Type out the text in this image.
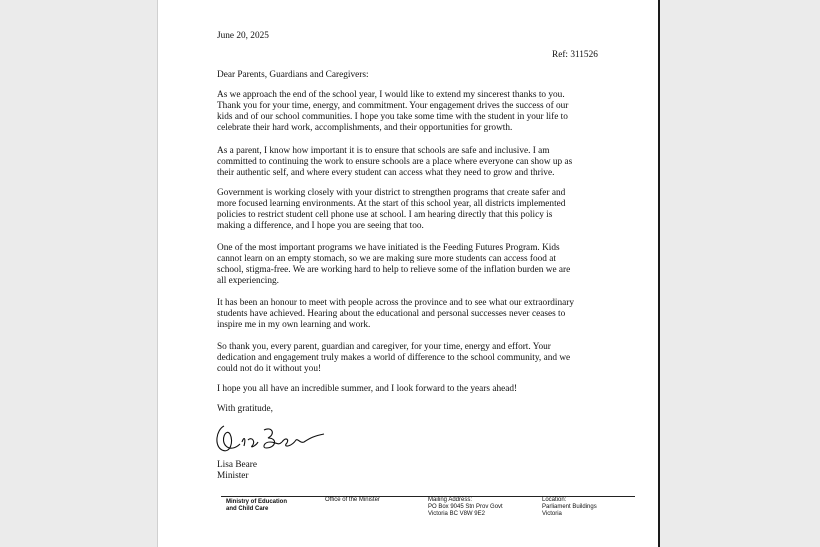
June 20, 2025
Ref: 311526
Dear Parents, Guardians and Caregivers:
As we approach the end of the school year, I would like to extend my sincerest thanks to you.
Thank you for your time, energy, and commitment. Your engagement drives the success of our
kids and of our school communities. I hope you take some time with the student in your life to
celebrate their hard work, accomplishments, and their opportunities for growth.
As a parent, I know how important it is to ensure that schools are safe and inclusive. I am
committed to continuing the work to ensure schools are a place where everyone can show up as
their authentic self, and where every student can access what they need to grow and thrive.
Government is working closely with your district to strengthen programs that create safer and
more focused learning environments. At the start of this school year, all districts implemented
policies to restrict student cell phone use at school. I am hearing directly that this policy is
making a difference, and I hope you are seeing that too.
One of the most important programs we have initiated is the Feeding Futures Program. Kids
cannot learn on an empty stomach, so we are making sure more students can access food at
school, stigma-free. We are working hard to help to relieve some of the inflation burden we are
all experiencing.
It has been an honour to meet with people across the province and to see what our extraordinary
students have achieved. Hearing about the educational and personal successes never ceases to
inspire me in my own learning and work.
So thank you, every parent, guardian and caregiver, for your time, energy and effort. Your
dedication and engagement truly makes a world of difference to the school community, and we
could not do it without you!
I hope you all have an incredible summer, and I look forward to the years ahead!
With gratitude,
Lisa Beare
Minister
Ministry of Education
and Child Care
Office of the Minister	Mailing Address:
PO Box 9045 Stn Prov Govt
Victoria BC V8W 9E2
Location:
Parliament Buildings
Victoria
